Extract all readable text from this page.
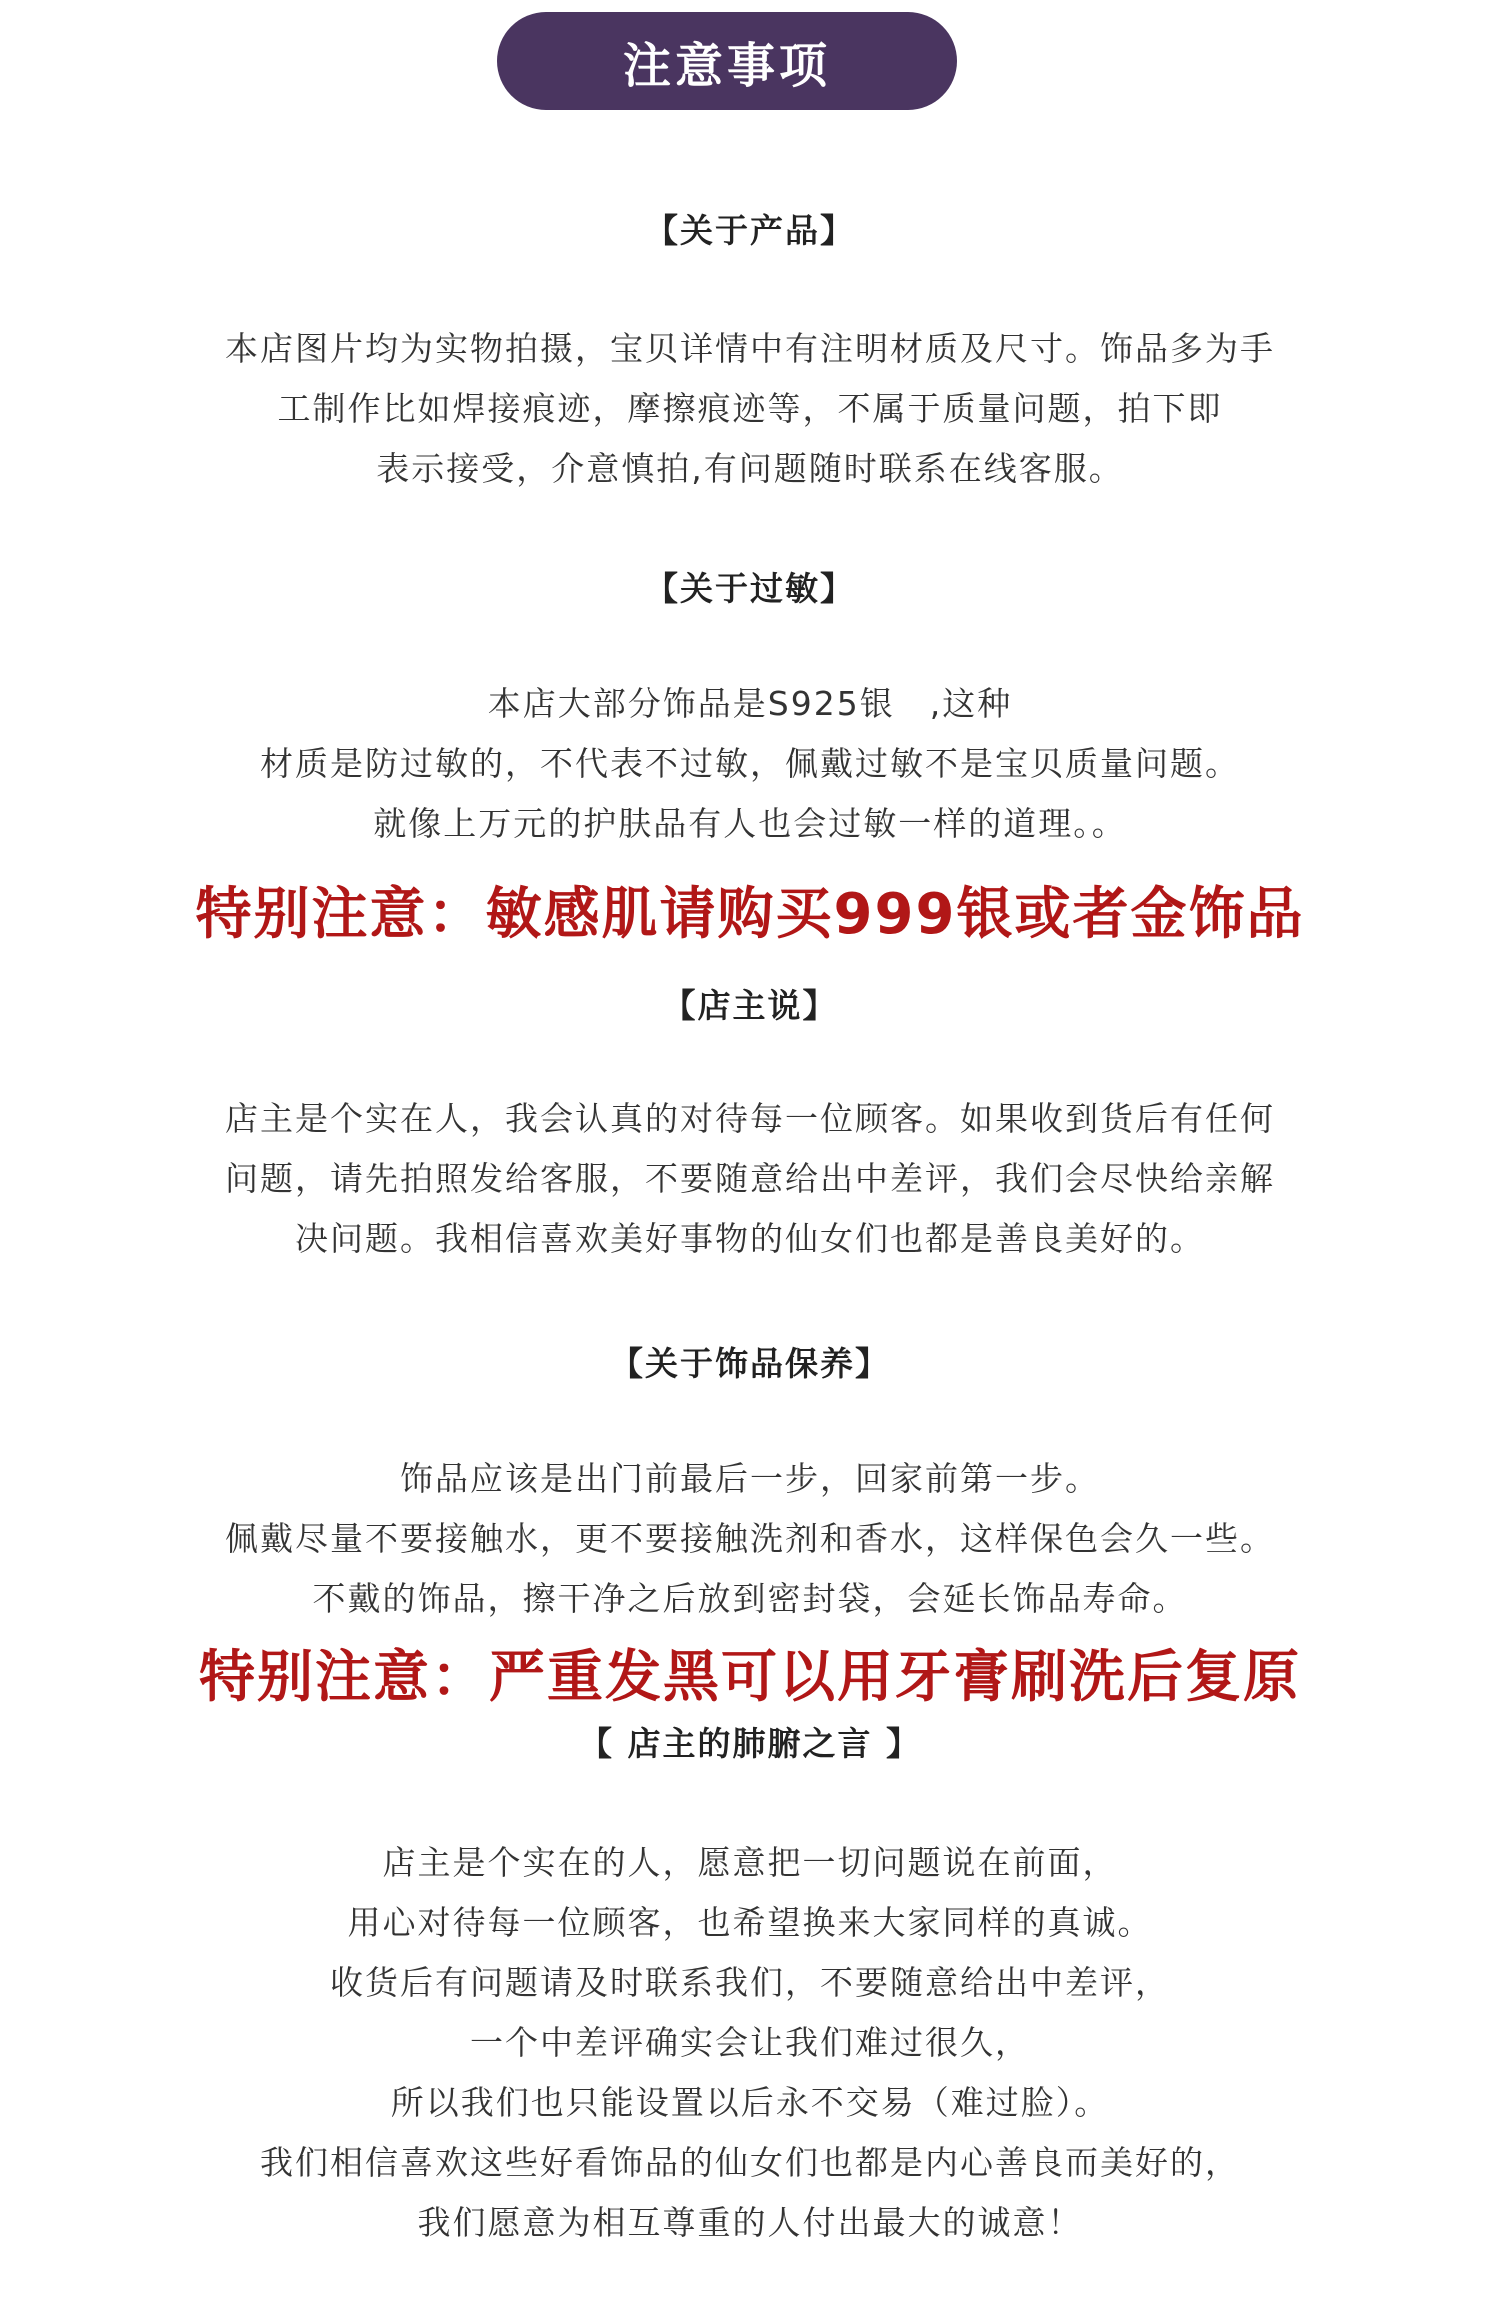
注意事项
【关于产品】
本店图片均为实物拍摄，宝贝详情中有注明材质及尺寸。饰品多为手
工制作比如焊接痕迹，摩擦痕迹等，不属于质量问题，拍下即
表示接受，介意慎拍,有问题随时联系在线客服。
【关于过敏】
本店大部分饰品是S925银　,这种
材质是防过敏的，不代表不过敏，佩戴过敏不是宝贝质量问题。
就像上万元的护肤品有人也会过敏一样的道理。。
特别注意：敏感肌请购买999银或者金饰品
【店主说】
店主是个实在人，我会认真的对待每一位顾客。如果收到货后有任何
问题，请先拍照发给客服，不要随意给出中差评，我们会尽快给亲解
决问题。我相信喜欢美好事物的仙女们也都是善良美好的。
【关于饰品保养】
饰品应该是出门前最后一步，回家前第一步。
佩戴尽量不要接触水，更不要接触洗剂和香水，这样保色会久一些。
不戴的饰品，擦干净之后放到密封袋，会延长饰品寿命。
特别注意：严重发黑可以用牙膏刷洗后复原
【 店主的肺腑之言 】
店主是个实在的人，愿意把一切问题说在前面，
用心对待每一位顾客，也希望换来大家同样的真诚。
收货后有问题请及时联系我们，不要随意给出中差评，
一个中差评确实会让我们难过很久，
所以我们也只能设置以后永不交易（难过脸）。
我们相信喜欢这些好看饰品的仙女们也都是内心善良而美好的，
我们愿意为相互尊重的人付出最大的诚意！
